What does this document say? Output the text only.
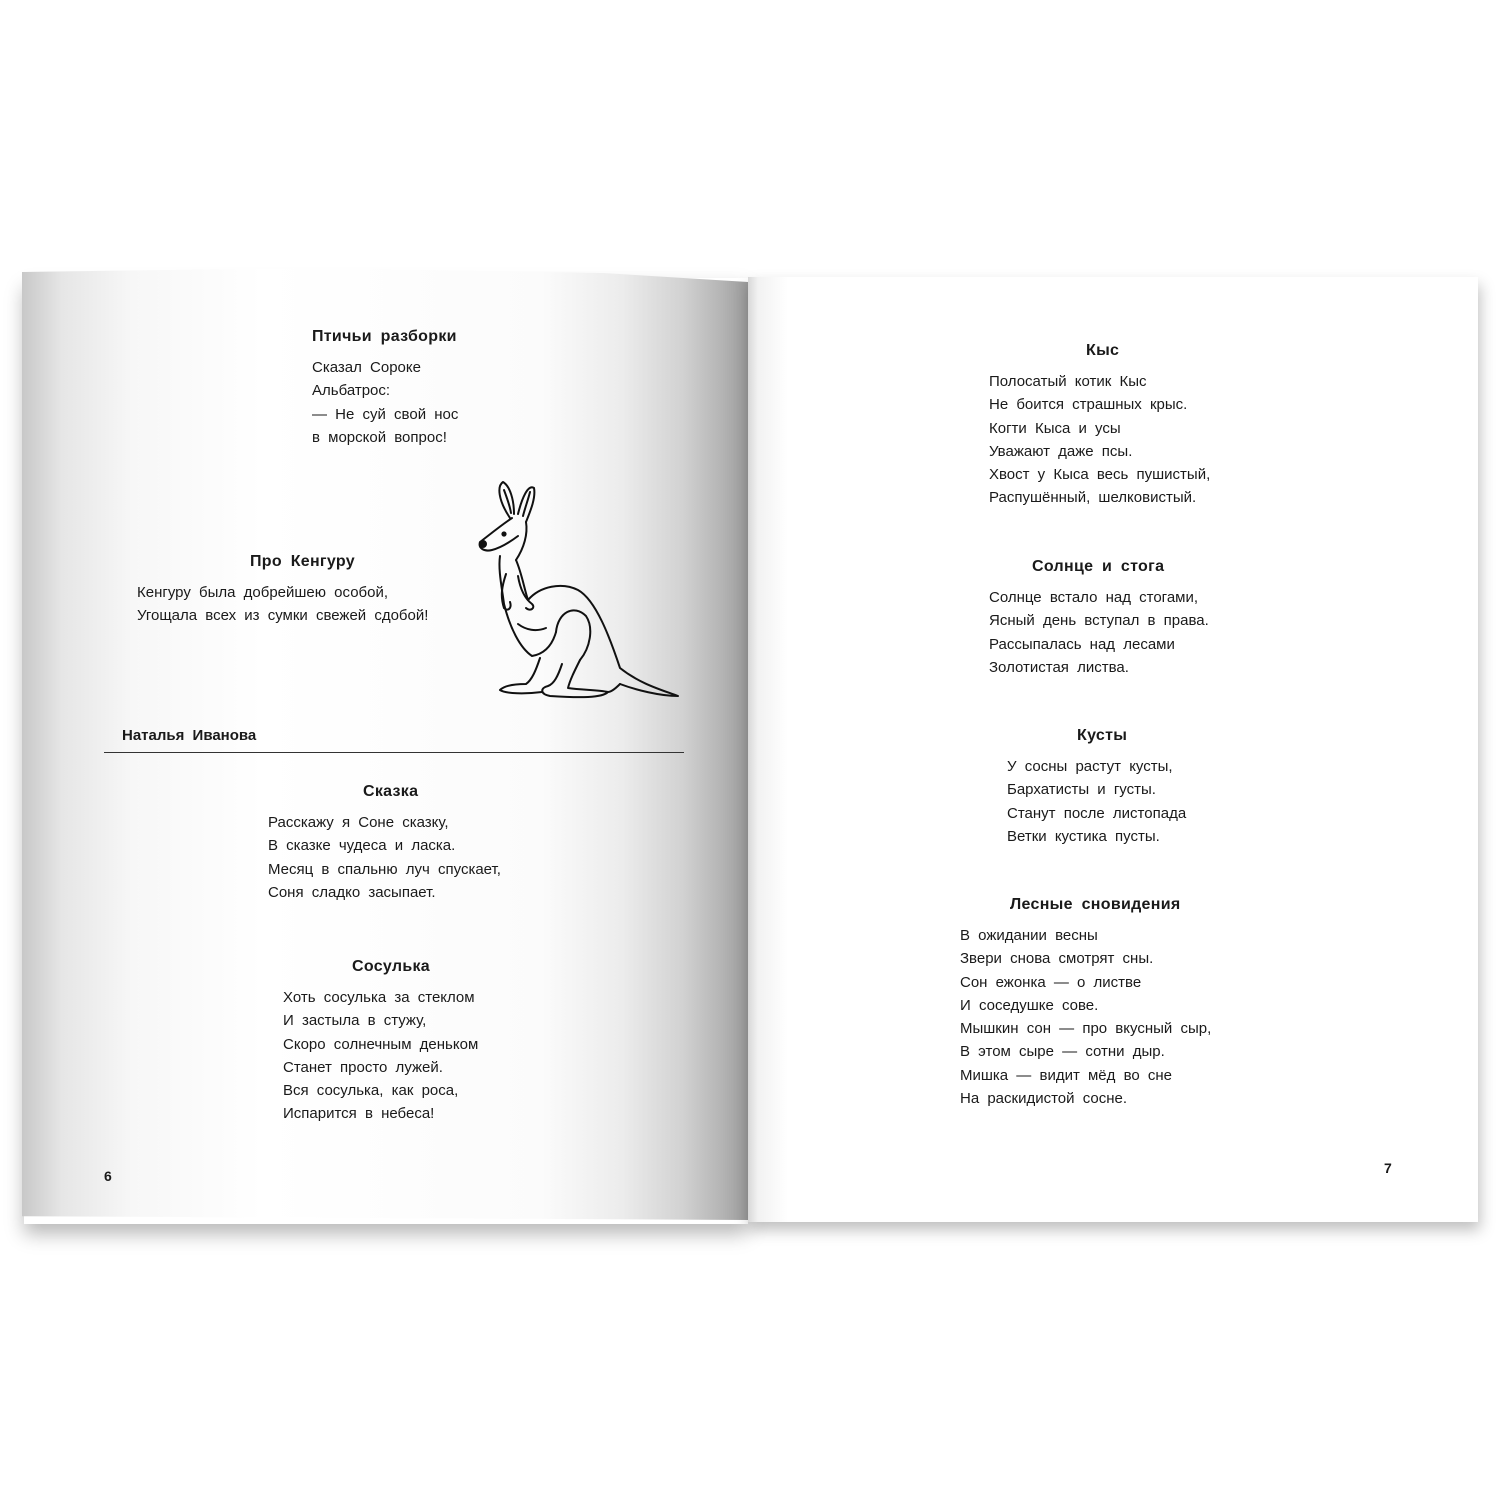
Птичьи разборки
Сказал Сороке
Альбатрос:
— Не суй свой нос
в морской вопрос!
Про Кенгуру
Кенгуру была добрейшею особой,
Угощала всех из сумки свежей сдобой!
Наталья Иванова
Сказка
Расскажу я Соне сказку,
В сказке чудеса и ласка.
Месяц в спальню луч спускает,
Соня сладко засыпает.
Сосулька
Хоть сосулька за стеклом
И застыла в стужу,
Скоро солнечным деньком
Станет просто лужей.
Вся сосулька, как роса,
Испарится в небеса!
6
Кыс
Полосатый котик Кыс
Не боится страшных крыс.
Когти Кыса и усы
Уважают даже псы.
Хвост у Кыса весь пушистый,
Распушённый, шелковистый.
Солнце и стога
Солнце встало над стогами,
Ясный день вступал в права.
Рассыпалась над лесами
Золотистая листва.
Кусты
У сосны растут кусты,
Бархатисты и густы.
Станут после листопада
Ветки кустика пусты.
Лесные сновидения
В ожидании весны
Звери снова смотрят сны.
Сон ежонка — о листве
И соседушке сове.
Мышкин сон — про вкусный сыр,
В этом сыре — сотни дыр.
Мишка — видит мёд во сне
На раскидистой сосне.
7
